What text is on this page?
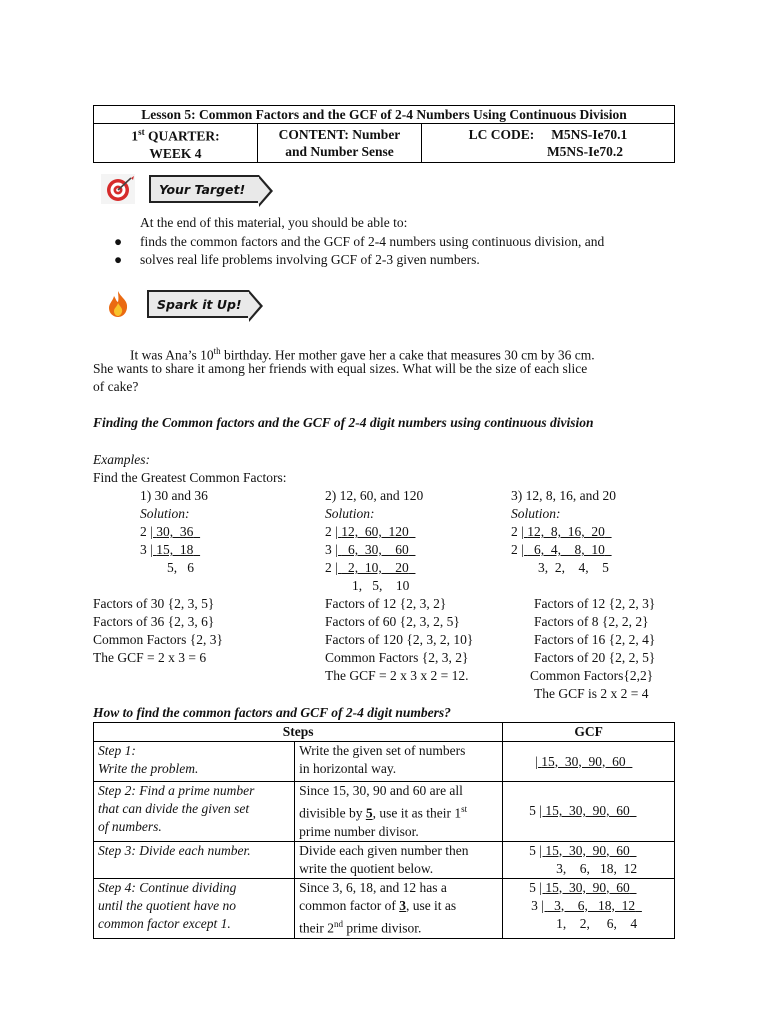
Lesson 5: Common Factors and the GCF of 2-4 Numbers Using Continuous Division
1st QUARTER:
WEEK 4	CONTENT: Number
and Number Sense	LC CODE: M5NS-Ie70.1
M5NS-Ie70.2
Your Target!
At the end of this material, you should be able to:
● finds the common factors and the GCF of 2-4 numbers using continuous division, and
● solves real life problems involving GCF of 2-3 given numbers.
Spark it Up!
It was Ana’s 10th birthday. Her mother gave her a cake that measures 30 cm by 36 cm.
She wants to share it among her friends with equal sizes. What will be the size of each slice
of cake?
Finding the Common factors and the GCF of 2-4 digit numbers using continuous division
Examples:
Find the Greatest Common Factors:
1) 30 and 36
Solution:
2 | 30,  36
3 | 15,  18
5,   6
Factors of 30 {2, 3, 5}
Factors of 36 {2, 3, 6}
Common Factors {2, 3}
The GCF = 2 x 3 = 6
2) 12, 60, and 120
Solution:
2 | 12,  60,  120
3 |   6,  30,    60
2 |   2,  10,    20
1,   5,    10
Factors of 12 {2, 3, 2}
Factors of 60 {2, 3, 2, 5}
Factors of 120 {2, 3, 2, 10}
Common Factors {2, 3, 2}
The GCF = 2 x 3 x 2 = 12.
3) 12, 8, 16, and 20
Solution:
2 | 12,  8,  16,  20
2 |   6,  4,    8,  10
3,  2,    4,    5
Factors of 12 {2, 2, 3}
Factors of 8 {2, 2, 2}
Factors of 16 {2, 2, 4}
Factors of 20 {2, 2, 5}
Common Factors{2,2}
The GCF is 2 x 2 = 4
How to find the common factors and GCF of 2-4 digit numbers?
Steps		GCF
Step 1:
Write the problem.	Write the given set of numbers
in horizontal way.	| 15,  30,  90,  60
Step 2: Find a prime number
that can divide the given set
of numbers.	Since 15, 30, 90 and 60 are all
divisible by 5, use it as their 1st
prime number divisor.	5 | 15,  30,  90,  60
Step 3: Divide each number.	Divide each given number then
write the quotient below.	5 | 15,  30,  90,  60
3,    6,   18,  12
Step 4: Continue dividing
until the quotient have no
common factor except 1.	Since 3, 6, 18, and 12 has a
common factor of 3, use it as
their 2nd prime divisor.	5 | 15,  30,  90,  60
3 |   3,    6,   18,  12
1,    2,     6,    4
